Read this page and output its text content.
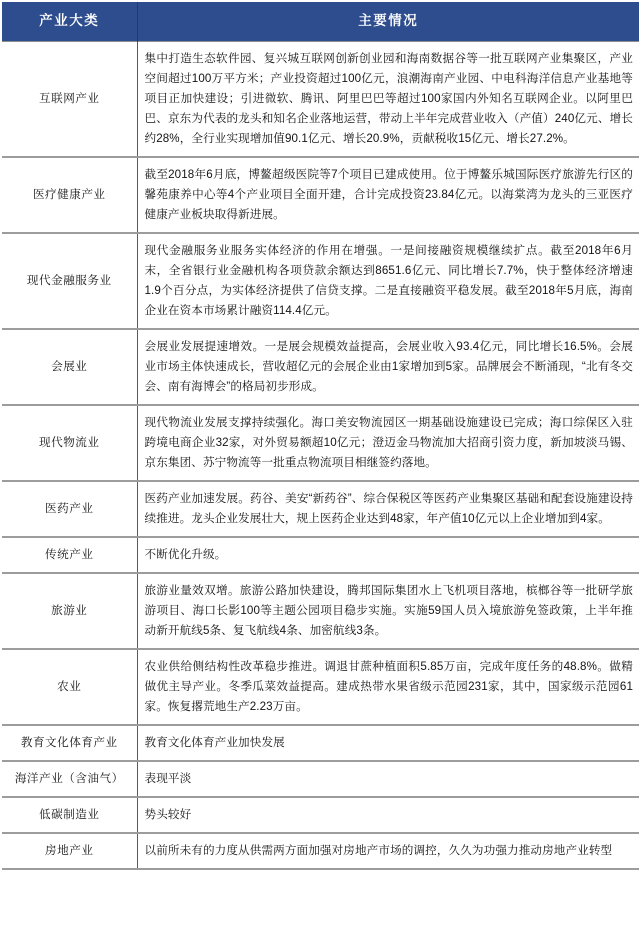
产业大类	主要情况
互联网产业	集中打造生态软件园、复兴城互联网创新创业园和海南数据谷等一批互联网产业集聚区，产业空间超过100万平方米；产业投资超过100亿元，浪潮海南产业园、中电科海洋信息产业基地等项目正加快建设；引进微软、腾讯、阿里巴巴等超过100家国内外知名互联网企业。以阿里巴巴、京东为代表的龙头和知名企业落地运营，带动上半年完成营业收入（产值）240亿元、增长约28%，全行业实现增加值90.1亿元、增长20.9%，贡献税收15亿元、增长27.2%。
医疗健康产业	截至2018年6月底，博鳌超级医院等7个项目已建成使用。位于博鳌乐城国际医疗旅游先行区的馨苑康养中心等4个产业项目全面开建，合计完成投资23.84亿元。以海棠湾为龙头的三亚医疗健康产业板块取得新进展。
现代金融服务业	现代金融服务业服务实体经济的作用在增强。一是间接融资规模继续扩点。截至2018年6月末，全省银行业金融机构各项贷款余额达到8651.6亿元、同比增长7.7%，快于整体经济增速1.9个百分点，为实体经济提供了信贷支撑。二是直接融资平稳发展。截至2018年5月底，海南企业在资本市场累计融资114.4亿元。
会展业	会展业发展提速增效。一是展会规模效益提高，会展业收入93.4亿元，同比增长16.5%。会展业市场主体快速成长，营收超亿元的会展企业由1家增加到5家。品牌展会不断涌现，“北有冬交会、南有海博会”的格局初步形成。
现代物流业	现代物流业发展支撑持续强化。海口美安物流园区一期基础设施建设已完成；海口综保区入驻跨境电商企业32家，对外贸易额超10亿元；澄迈金马物流加大招商引资力度，新加坡淡马锡、京东集团、苏宁物流等一批重点物流项目相继签约落地。
医药产业	医药产业加速发展。药谷、美安“新药谷”、综合保税区等医药产业集聚区基础和配套设施建设持续推进。龙头企业发展壮大，规上医药企业达到48家，年产值10亿元以上企业增加到4家。
传统产业	不断优化升级。
旅游业	旅游业量效双增。旅游公路加快建设，腾邦国际集团水上飞机项目落地，槟榔谷等一批研学旅游项目、海口长影100等主题公园项目稳步实施。实施59国人员入境旅游免签政策，上半年推动新开航线5条、复飞航线4条、加密航线3条。
农业	农业供给侧结构性改革稳步推进。调退甘蔗种植面积5.85万亩，完成年度任务的48.8%。做精做优主导产业。冬季瓜菜效益提高。建成热带水果省级示范园231家，其中，国家级示范园61家。恢复撂荒地生产2.23万亩。
教育文化体育产业	教育文化体育产业加快发展
海洋产业（含油气）	表现平淡
低碳制造业	势头较好
房地产业	以前所未有的力度从供需两方面加强对房地产市场的调控，久久为功强力推动房地产业转型
